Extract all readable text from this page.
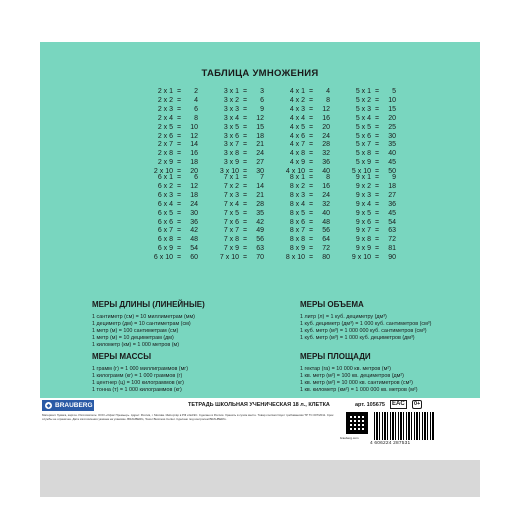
ТАБЛИЦА УМНОЖЕНИЯ
2 x 1 =	2
2 x 2 =	4
2 x 3 =	6
2 x 4 =	8
2 x 5 =	10
2 x 6 =	12
2 x 7 =	14
2 x 8 =	16
2 x 9 =	18
2 x 10 =	20
3 x 1 =	3
3 x 2 =	6
3 x 3 =	9
3 x 4 =	12
3 x 5 =	15
3 x 6 =	18
3 x 7 =	21
3 x 8 =	24
3 x 9 =	27
3 x 10 =	30
4 x 1 =	4
4 x 2 =	8
4 x 3 =	12
4 x 4 =	16
4 x 5 =	20
4 x 6 =	24
4 x 7 =	28
4 x 8 =	32
4 x 9 =	36
4 x 10 =	40
5 x 1 =	5
5 x 2 =	10
5 x 3 =	15
5 x 4 =	20
5 x 5 =	25
5 x 6 =	30
5 x 7 =	35
5 x 8 =	40
5 x 9 =	45
5 x 10 =	50
6 x 1 =	6
6 x 2 =	12
6 x 3 =	18
6 x 4 =	24
6 x 5 =	30
6 x 6 =	36
6 x 7 =	42
6 x 8 =	48
6 x 9 =	54
6 x 10 =	60
7 x 1 =	7
7 x 2 =	14
7 x 3 =	21
7 x 4 =	28
7 x 5 =	35
7 x 6 =	42
7 x 7 =	49
7 x 8 =	56
7 x 9 =	63
7 x 10 =	70
8 x 1 =	8
8 x 2 =	16
8 x 3 =	24
8 x 4 =	32
8 x 5 =	40
8 x 6 =	48
8 x 7 =	56
8 x 8 =	64
8 x 9 =	72
8 x 10 =	80
9 x 1 =	9
9 x 2 =	18
9 x 3 =	27
9 x 4 =	36
9 x 5 =	45
9 x 6 =	54
9 x 7 =	63
9 x 8 =	72
9 x 9 =	81
9 x 10 =	90
МЕРЫ ДЛИНЫ (ЛИНЕЙНЫЕ)
1 сантиметр (см) = 10 миллиметрам (мм)
1 дециметр (дм) = 10 сантиметрам (см)
1 метр (м) = 100 сантиметрам (см)
1 метр (м) = 10 дециметрам (дм)
1 километр (км) = 1 000 метров (м)
МЕРЫ ОБЪЕМА
1 литр (л) = 1 куб. дециметру (дм³)
1 куб. дециметр (дм³) = 1 000 куб. сантиметров (см³)
1 куб. метр (м³) = 1 000 000 куб. сантиметров (см³)
1 куб. метр (м³) = 1 000 куб. дециметров (дм³)
МЕРЫ МАССЫ
1 грамм (г) = 1 000 миллиграммов (мг)
1 килограмм (кг) = 1 000 граммов (г)
1 центнер (ц) = 100 килограммов (кг)
1 тонна (т) = 1 000 килограммов (кг)
МЕРЫ ПЛОЩАДИ
1 гектар (га) = 10 000 кв. метров (м²)
1 кв. метр (м²) = 100 кв. дециметров (дм²)
1 кв. метр (м²) = 10 000 кв. сантиметров (см²)
1 кв. километр (км²) = 1 000 000 кв. метров (м²)
◆ BRAUBERG	ТЕТРАДЬ ШКОЛЬНАЯ УЧЕНИЧЕСКАЯ 18 л., КЛЕТКА	арт. 105675	EAC	0+
Материал: бумага, картон. Изготовитель: ООО «Офис Премьер». Адрес: Россия, г. Москва. Импортёр в РФ и ЕАЭС. Сделано в России. Хранить в сухом месте. Товар соответствует требованиям ТР ТС 007/2011. Срок службы не ограничен. Дата изготовления указана на упаковке. BRAUBERG, Tower Business Center. Сделано под контролем BRAUBERG.
brauberg.com
4 606224 287531
